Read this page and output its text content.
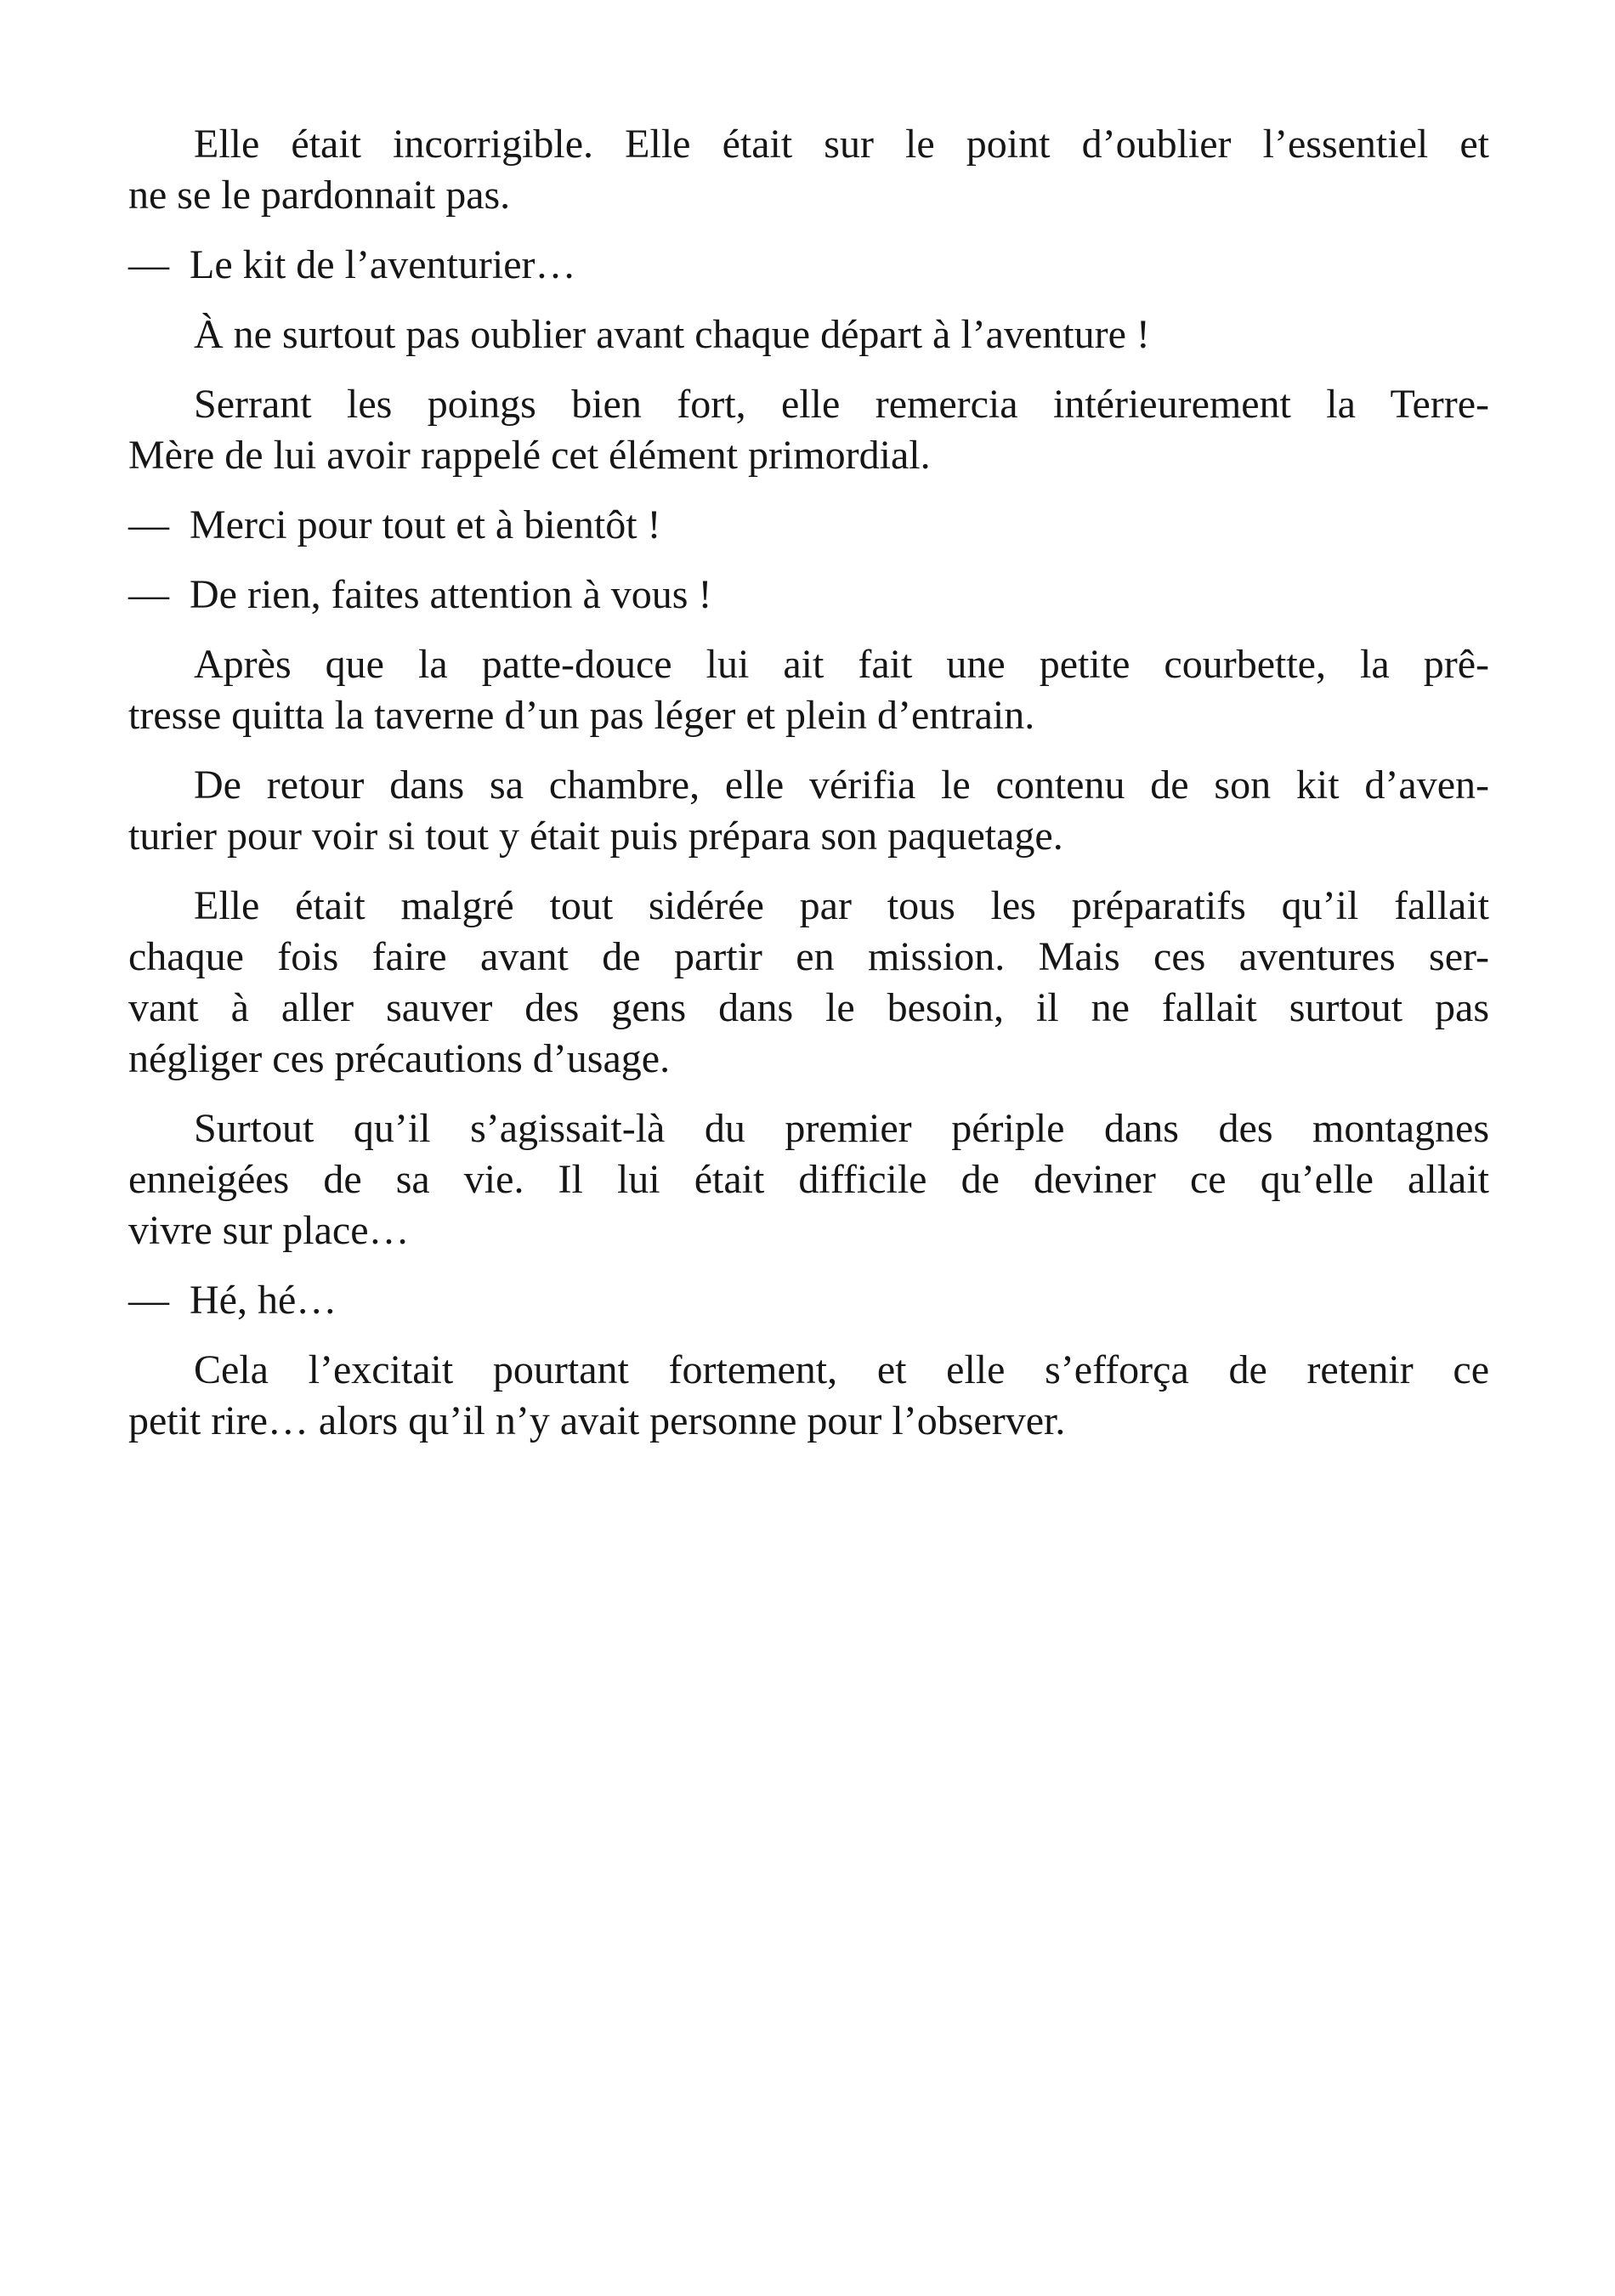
Elle était incorrigible. Elle était sur le point d’oublier l’essentiel et
ne se le pardonnait pas.
— Le kit de l’aventurier…
À ne surtout pas oublier avant chaque départ à l’aventure !
Serrant les poings bien fort, elle remercia intérieurement la Terre-
Mère de lui avoir rappelé cet élément primordial.
— Merci pour tout et à bientôt !
— De rien, faites attention à vous !
Après que la patte-douce lui ait fait une petite courbette, la prê-
tresse quitta la taverne d’un pas léger et plein d’entrain.
De retour dans sa chambre, elle vérifia le contenu de son kit d’aven-
turier pour voir si tout y était puis prépara son paquetage.
Elle était malgré tout sidérée par tous les préparatifs qu’il fallait
chaque fois faire avant de partir en mission. Mais ces aventures ser-
vant à aller sauver des gens dans le besoin, il ne fallait surtout pas
négliger ces précautions d’usage.
Surtout qu’il s’agissait-là du premier périple dans des montagnes
enneigées de sa vie. Il lui était difficile de deviner ce qu’elle allait
vivre sur place…
— Hé, hé…
Cela l’excitait pourtant fortement, et elle s’efforça de retenir ce
petit rire… alors qu’il n’y avait personne pour l’observer.
